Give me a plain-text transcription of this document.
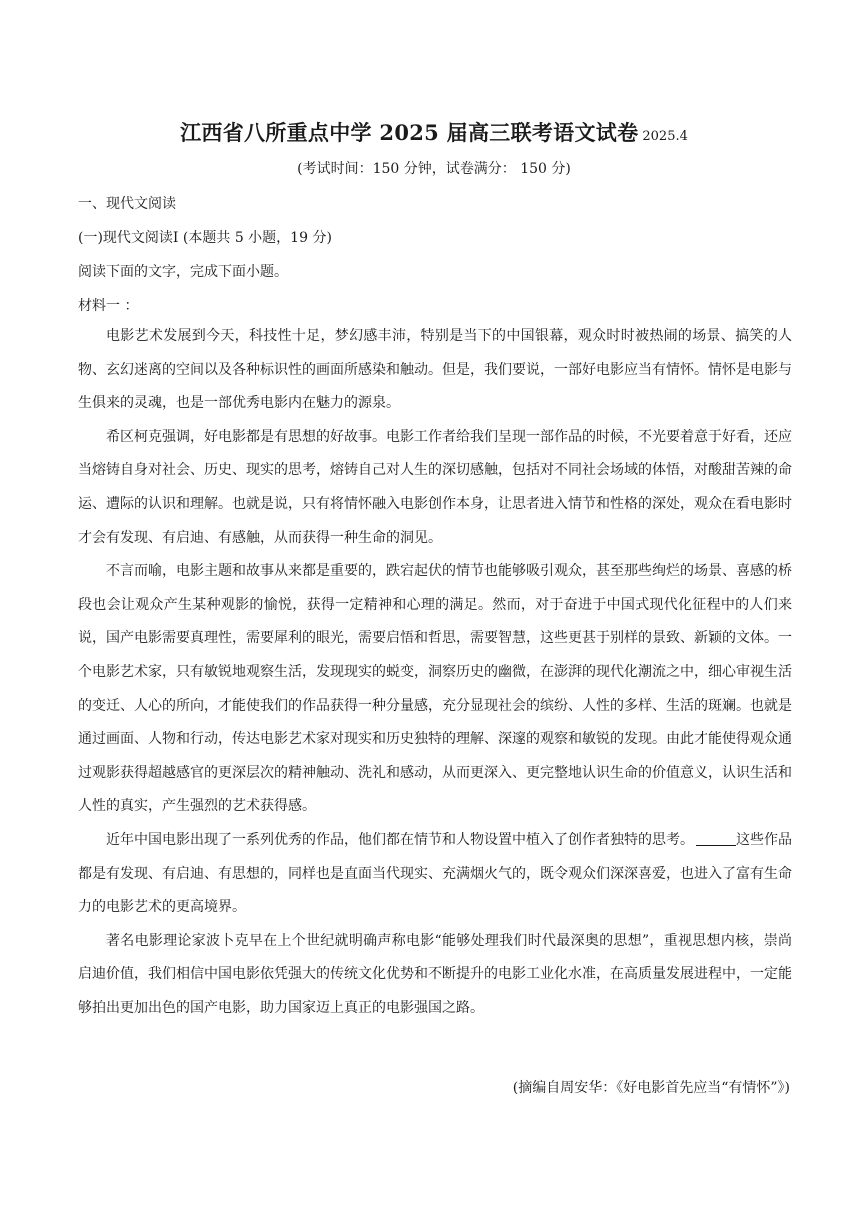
江西省八所重点中学 2025 届高三联考语文试卷 2025.4
(考试时间：150 分钟，试卷满分： 150 分)
一、现代文阅读
(一)现代文阅读I (本题共 5 小题，19 分)
阅读下面的文字，完成下面小题。
材料一 ：

电影艺术发展到今天，科技性十足，梦幻感丰沛，特别是当下的中国银幕，观众时时被热闹的场景、搞笑的人物、玄幻迷离的空间以及各种标识性的画面所感染和触动。但是，我们要说，一部好电影应当有情怀。情怀是电影与生俱来的灵魂，也是一部优秀电影内在魅力的源泉。

希区柯克强调，好电影都是有思想的好故事。电影工作者给我们呈现一部作品的时候，不光要着意于好看，还应当熔铸自身对社会、历史、现实的思考，熔铸自己对人生的深切感触，包括对不同社会场域的体悟，对酸甜苦辣的命运、遭际的认识和理解。也就是说，只有将情怀融入电影创作本身，让思者进入情节和性格的深处，观众在看电影时才会有发现、有启迪、有感触，从而获得一种生命的洞见。

不言而喻，电影主题和故事从来都是重要的，跌宕起伏的情节也能够吸引观众，甚至那些绚烂的场景、喜感的桥段也会让观众产生某种观影的愉悦，获得一定精神和心理的满足。然而，对于奋进于中国式现代化征程中的人们来说，国产电影需要真理性，需要犀利的眼光，需要启悟和哲思，需要智慧，这些更甚于别样的景致、新颖的文体。一个电影艺术家，只有敏锐地观察生活，发现现实的蜕变，洞察历史的幽微，在澎湃的现代化潮流之中，细心审视生活的变迁、人心的所向，才能使我们的作品获得一种分量感，充分显现社会的缤纷、人性的多样、生活的斑斓。也就是通过画面、人物和行动，传达电影艺术家对现实和历史独特的理解、深邃的观察和敏锐的发现。由此才能使得观众通过观影获得超越感官的更深层次的精神触动、洗礼和感动，从而更深入、更完整地认识生命的价值意义，认识生活和人性的真实，产生强烈的艺术获得感。

近年中国电影出现了一系列优秀的作品，他们都在情节和人物设置中植入了创作者独特的思考。	这些作品都是有发现、有启迪、有思想的，同样也是直面当代现实、充满烟火气的，既令观众们深深喜爱，也进入了富有生命力的电影艺术的更高境界。

著名电影理论家波卜克早在上个世纪就明确声称电影“能够处理我们时代最深奥的思想”，重视思想内核，崇尚启迪价值，我们相信中国电影依凭强大的传统文化优势和不断提升的电影工业化水准，在高质量发展进程中，一定能够拍出更加出色的国产电影，助力国家迈上真正的电影强国之路。

(摘编自周安华：《好电影首先应当“有情怀”》)
